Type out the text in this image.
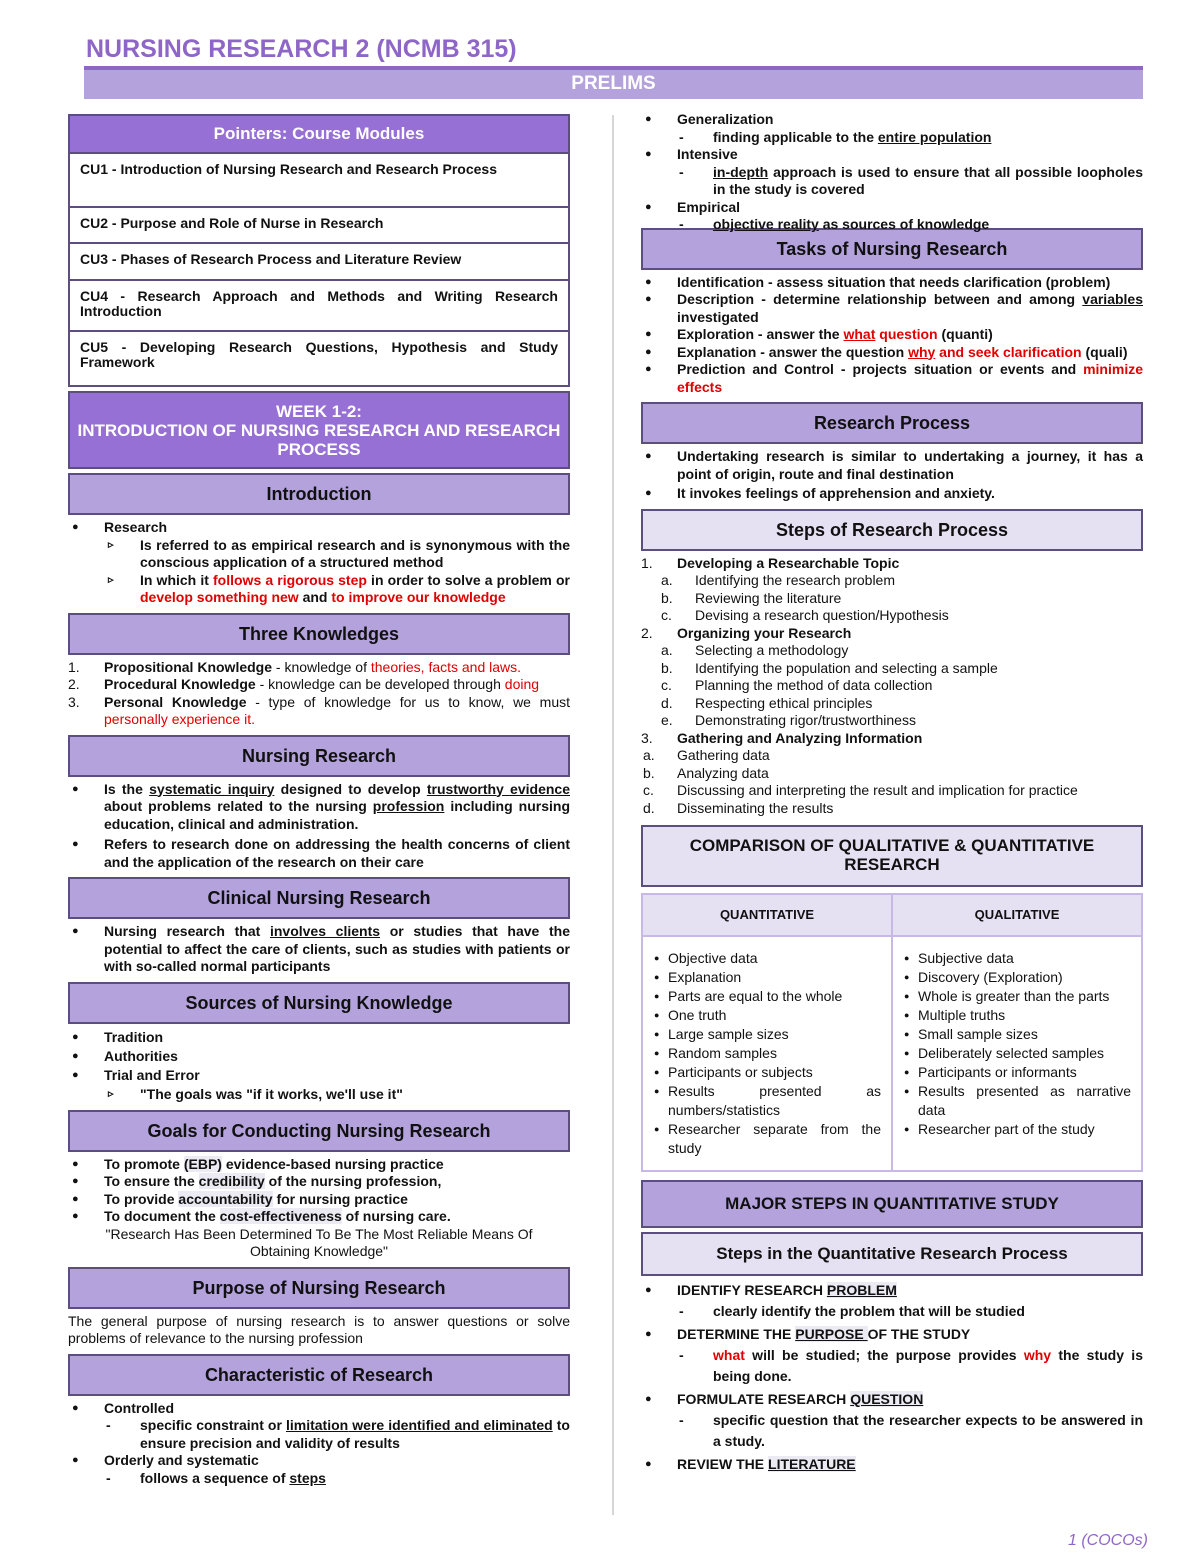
NURSING RESEARCH 2 (NCMB 315)
PRELIMS
Pointers: Course Modules
CU1 - Introduction of Nursing Research and Research Process
CU2 - Purpose and Role of Nurse in Research
CU3 - Phases of Research Process and Literature Review
CU4 - Research Approach and Methods and Writing Research Introduction
CU5 - Developing Research Questions, Hypothesis and Study Framework
WEEK 1-2:
INTRODUCTION OF NURSING RESEARCH AND RESEARCH PROCESS
Introduction
● Research
▹ Is referred to as empirical research and is synonymous with the conscious application of a structured method
▹ In which it follows a rigorous step in order to solve a problem or develop something new and to improve our knowledge
Three Knowledges
1. Propositional Knowledge - knowledge of theories, facts and laws.
2. Procedural Knowledge - knowledge can be developed through doing
3. Personal Knowledge - type of knowledge for us to know, we must personally experience it.
Nursing Research
● Is the systematic inquiry designed to develop trustworthy evidence about problems related to the nursing profession including nursing education, clinical and administration.
● Refers to research done on addressing the health concerns of client and the application of the research on their care
Clinical Nursing Research
● Nursing research that involves clients or studies that have the potential to affect the care of clients, such as studies with patients or with so-called normal participants
Sources of Nursing Knowledge
● Tradition
● Authorities
● Trial and Error
▹ "The goals was "if it works, we'll use it"
Goals for Conducting Nursing Research
● To promote (EBP) evidence-based nursing practice
● To ensure the credibility of the nursing profession,
● To provide accountability for nursing practice
● To document the cost-effectiveness of nursing care.
"Research Has Been Determined To Be The Most Reliable Means Of Obtaining Knowledge"
Purpose of Nursing Research
The general purpose of nursing research is to answer questions or solve problems of relevance to the nursing profession
Characteristic of Research
● Controlled
- specific constraint or limitation were identified and eliminated to ensure precision and validity of results
● Orderly and systematic
- follows a sequence of steps
● Generalization
- finding applicable to the entire population
● Intensive
- in-depth approach is used to ensure that all possible loopholes in the study is covered
● Empirical
- objective reality as sources of knowledge
Tasks of Nursing Research
● Identification - assess situation that needs clarification (problem)
● Description - determine relationship between and among variables investigated
● Exploration - answer the what question (quanti)
● Explanation - answer the question why and seek clarification (quali)
● Prediction and Control - projects situation or events and minimize effects
Research Process
● Undertaking research is similar to undertaking a journey, it has a point of origin, route and final destination
● It invokes feelings of apprehension and anxiety.
Steps of Research Process
1. Developing a Researchable Topic
a. Identifying the research problem
b. Reviewing the literature
c. Devising a research question/Hypothesis
2. Organizing your Research
a. Selecting a methodology
b. Identifying the population and selecting a sample
c. Planning the method of data collection
d. Respecting ethical principles
e. Demonstrating rigor/trustworthiness
3. Gathering and Analyzing Information
a. Gathering data
b. Analyzing data
c. Discussing and interpreting the result and implication for practice
d. Disseminating the results
COMPARISON OF QUALITATIVE & QUANTITATIVE RESEARCH
QUANTITATIVE
● Objective data
● Explanation
● Parts are equal to the whole
● One truth
● Large sample sizes
● Random samples
● Participants or subjects
● Results presented as numbers/statistics
● Researcher separate from the study
QUALITATIVE
● Subjective data
● Discovery (Exploration)
● Whole is greater than the parts
● Multiple truths
● Small sample sizes
● Deliberately selected samples
● Participants or informants
● Results presented as narrative data
● Researcher part of the study
MAJOR STEPS IN QUANTITATIVE STUDY
Steps in the Quantitative Research Process
● IDENTIFY RESEARCH PROBLEM
- clearly identify the problem that will be studied
● DETERMINE THE PURPOSE OF THE STUDY
- what will be studied; the purpose provides why the study is being done.
● FORMULATE RESEARCH QUESTION
- specific question that the researcher expects to be answered in a study.
● REVIEW THE LITERATURE
1 (COCOs)
